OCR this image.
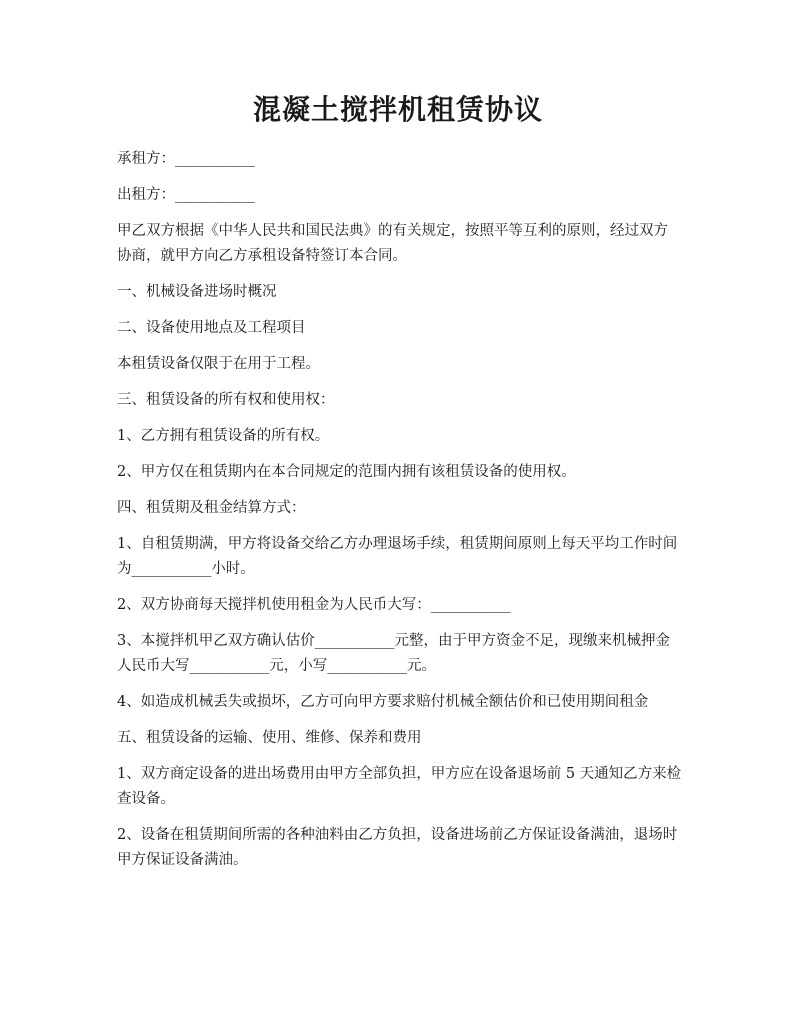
混凝土搅拌机租赁协议

承租方：___________

出租方：___________

甲乙双方根据《中华人民共和国民法典》的有关规定，按照平等互利的原则，经过双方协商，就甲方向乙方承租设备特签订本合同。

一、机械设备进场时概况

二、设备使用地点及工程项目

本租赁设备仅限于在用于工程。

三、租赁设备的所有权和使用权：

1、乙方拥有租赁设备的所有权。

2、甲方仅在租赁期内在本合同规定的范围内拥有该租赁设备的使用权。

四、租赁期及租金结算方式：

1、自租赁期满，甲方将设备交给乙方办理退场手续，租赁期间原则上每天平均工作时间为___________小时。

2、双方协商每天搅拌机使用租金为人民币大写：___________

3、本搅拌机甲乙双方确认估价___________元整，由于甲方资金不足，现缴来机械押金人民币大写___________元，小写___________元。

4、如造成机械丢失或损坏，乙方可向甲方要求赔付机械全额估价和已使用期间租金

五、租赁设备的运输、使用、维修、保养和费用

1、双方商定设备的进出场费用由甲方全部负担，甲方应在设备退场前 5 天通知乙方来检查设备。

2、设备在租赁期间所需的各种油料由乙方负担，设备进场前乙方保证设备满油，退场时甲方保证设备满油。
